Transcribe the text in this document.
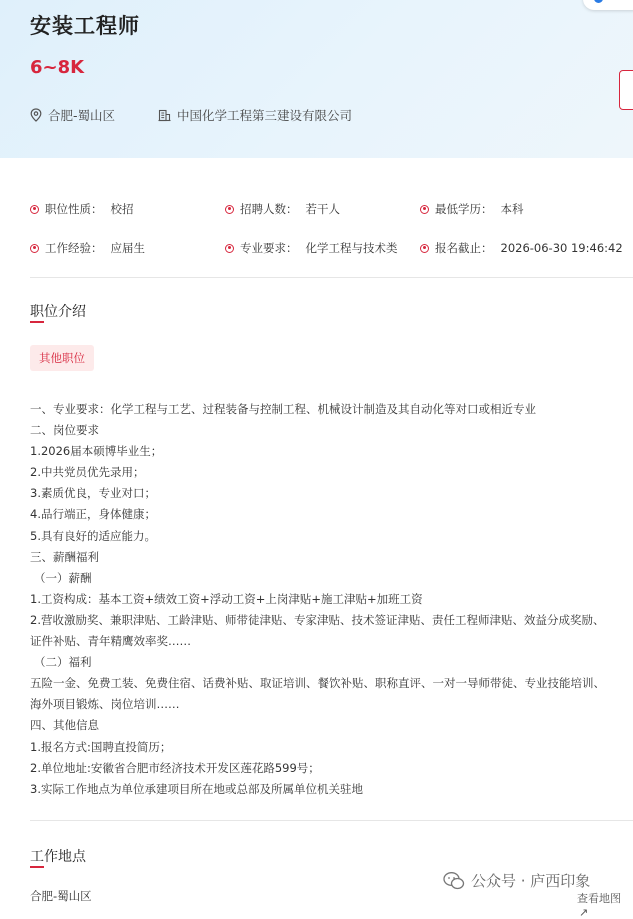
安装工程师
6~8K
合肥-蜀山区	中国化学工程第三建设有限公司
职位性质： 校招	招聘人数： 若干人	最低学历： 本科
工作经验： 应届生	专业要求： 化学工程与技术类	报名截止： 2026-06-30 19:46:42
职位介绍
其他职位
一、专业要求：化学工程与工艺、过程装备与控制工程、机械设计制造及其自动化等对口或相近专业
二、岗位要求
1.2026届本硕博毕业生；
2.中共党员优先录用；
3.素质优良，专业对口；
4.品行端正，身体健康；
5.具有良好的适应能力。
三、薪酬福利
（一）薪酬
1.工资构成：基本工资+绩效工资+浮动工资+上岗津贴+施工津贴+加班工资
2.营收激励奖、兼职津贴、工龄津贴、师带徒津贴、专家津贴、技术签证津贴、责任工程师津贴、效益分成奖励、
证件补贴、青年精鹰效率奖……
（二）福利
五险一金、免费工装、免费住宿、话费补贴、取证培训、餐饮补贴、职称直评、一对一导师带徒、专业技能培训、
海外项目锻炼、岗位培训……
四、其他信息
1.报名方式:国聘直投简历；
2.单位地址:安徽省合肥市经济技术开发区莲花路599号；
3.实际工作地点为单位承建项目所在地或总部及所属单位机关驻地
工作地点
合肥-蜀山区
公众号 · 庐西印象
查看地图 ↗
